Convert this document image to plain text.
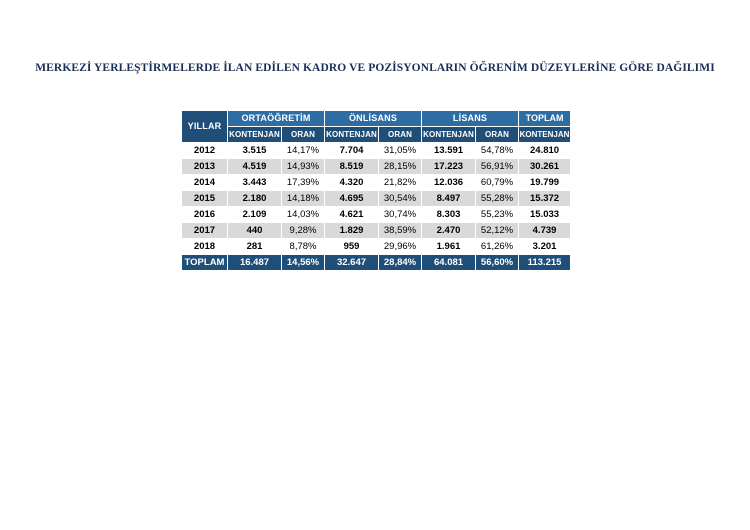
MERKEZİ YERLEŞTİRMELERDE İLAN EDİLEN KADRO VE POZİSYONLARIN ÖĞRENİM DÜZEYLERİNE GÖRE DAĞILIMI
YILLAR	ORTAÖĞRETİM		ÖNLİSANS		LİSANS		TOPLAM
	KONTENJAN	ORAN	KONTENJAN	ORAN	KONTENJAN	ORAN	KONTENJAN
2012	3.515	14,17%	7.704	31,05%	13.591	54,78%	24.810
2013	4.519	14,93%	8.519	28,15%	17.223	56,91%	30.261
2014	3.443	17,39%	4.320	21,82%	12.036	60,79%	19.799
2015	2.180	14,18%	4.695	30,54%	8.497	55,28%	15.372
2016	2.109	14,03%	4.621	30,74%	8.303	55,23%	15.033
2017	440	9,28%	1.829	38,59%	2.470	52,12%	4.739
2018	281	8,78%	959	29,96%	1.961	61,26%	3.201
TOPLAM	16.487	14,56%	32.647	28,84%	64.081	56,60%	113.215
